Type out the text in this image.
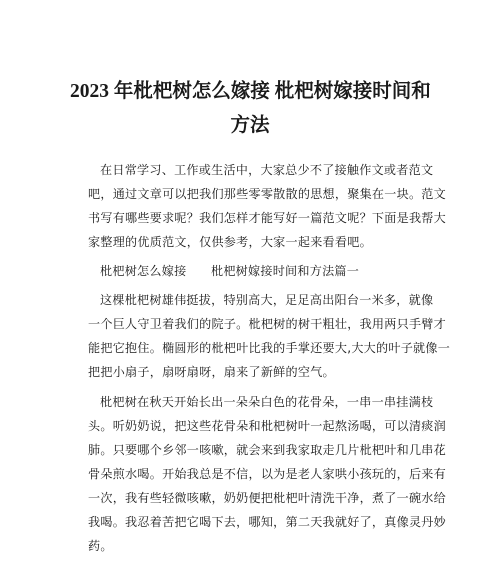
2023 年枇杷树怎么嫁接 枇杷树嫁接时间和
方法

在日常学习、工作或生活中，大家总少不了接触作文或者范文

吧，通过文章可以把我们那些零零散散的思想，聚集在一块。范文

书写有哪些要求呢？我们怎样才能写好一篇范文呢？下面是我帮大

家整理的优质范文，仅供参考，大家一起来看看吧。

枇杷树怎么嫁接      枇杷树嫁接时间和方法篇一

这棵枇杷树雄伟挺拔，特别高大，足足高出阳台一米多，就像

一个巨人守卫着我们的院子。枇杷树的树干粗壮，我用两只手臂才

能把它抱住。椭圆形的枇杷叶比我的手掌还要大,大大的叶子就像一

把把小扇子，扇呀扇呀，扇来了新鲜的空气。

枇杷树在秋天开始长出一朵朵白色的花骨朵，一串一串挂满枝

头。听奶奶说，把这些花骨朵和枇杷树叶一起熬汤喝，可以清痰润

肺。只要哪个乡邻一咳嗽，就会来到我家取走几片枇杷叶和几串花

骨朵煎水喝。开始我总是不信，以为是老人家哄小孩玩的，后来有

一次，我有些轻微咳嗽，奶奶便把枇杷叶清洗干净，煮了一碗水给

我喝。我忍着苦把它喝下去，哪知，第二天我就好了，真像灵丹妙

药。
